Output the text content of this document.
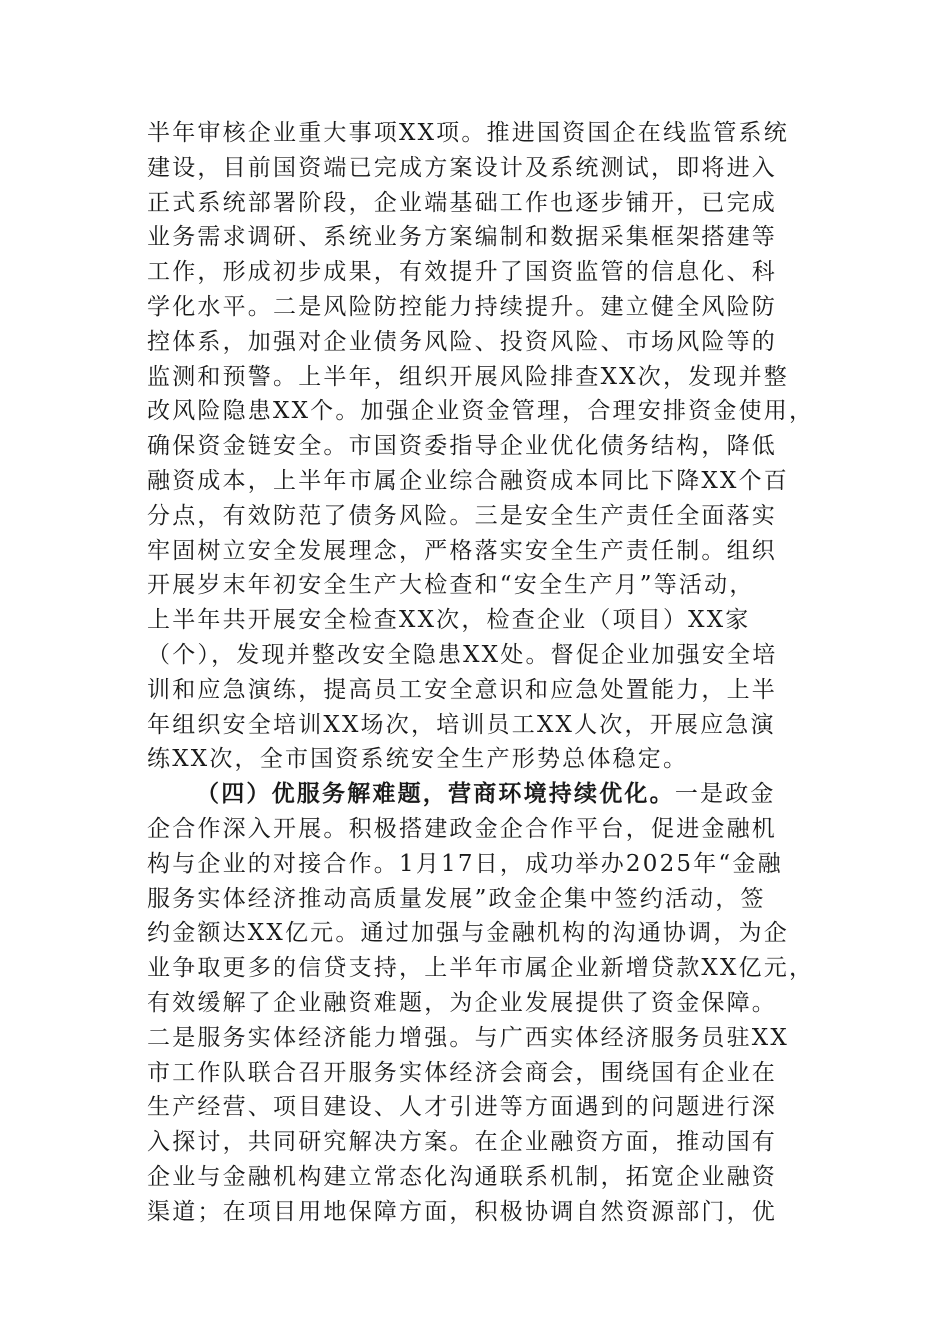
半年审核企业重大事项XX项。推进国资国企在线监管系统
建设，目前国资端已完成方案设计及系统测试，即将进入
正式系统部署阶段，企业端基础工作也逐步铺开，已完成
业务需求调研、系统业务方案编制和数据采集框架搭建等
工作，形成初步成果，有效提升了国资监管的信息化、科
学化水平。二是风险防控能力持续提升。建立健全风险防
控体系，加强对企业债务风险、投资风险、市场风险等的
监测和预警。上半年，组织开展风险排查XX次，发现并整
改风险隐患XX个。加强企业资金管理，合理安排资金使用，
确保资金链安全。市国资委指导企业优化债务结构，降低
融资成本，上半年市属企业综合融资成本同比下降XX个百
分点，有效防范了债务风险。三是安全生产责任全面落实
牢固树立安全发展理念，严格落实安全生产责任制。组织
开展岁末年初安全生产大检查和“安全生产月”等活动，
上半年共开展安全检查XX次，检查企业（项目）XX家
（个），发现并整改安全隐患XX处。督促企业加强安全培
训和应急演练，提高员工安全意识和应急处置能力，上半
年组织安全培训XX场次，培训员工XX人次，开展应急演
练XX次，全市国资系统安全生产形势总体稳定。
（四）优服务解难题，营商环境持续优化。一是政金
企合作深入开展。积极搭建政金企合作平台，促进金融机
构与企业的对接合作。1月17日，成功举办2025年“金融
服务实体经济推动高质量发展”政金企集中签约活动，签
约金额达XX亿元。通过加强与金融机构的沟通协调，为企
业争取更多的信贷支持，上半年市属企业新增贷款XX亿元，
有效缓解了企业融资难题，为企业发展提供了资金保障。
二是服务实体经济能力增强。与广西实体经济服务员驻XX
市工作队联合召开服务实体经济会商会，围绕国有企业在
生产经营、项目建设、人才引进等方面遇到的问题进行深
入探讨，共同研究解决方案。在企业融资方面，推动国有
企业与金融机构建立常态化沟通联系机制，拓宽企业融资
渠道；在项目用地保障方面，积极协调自然资源部门，优
